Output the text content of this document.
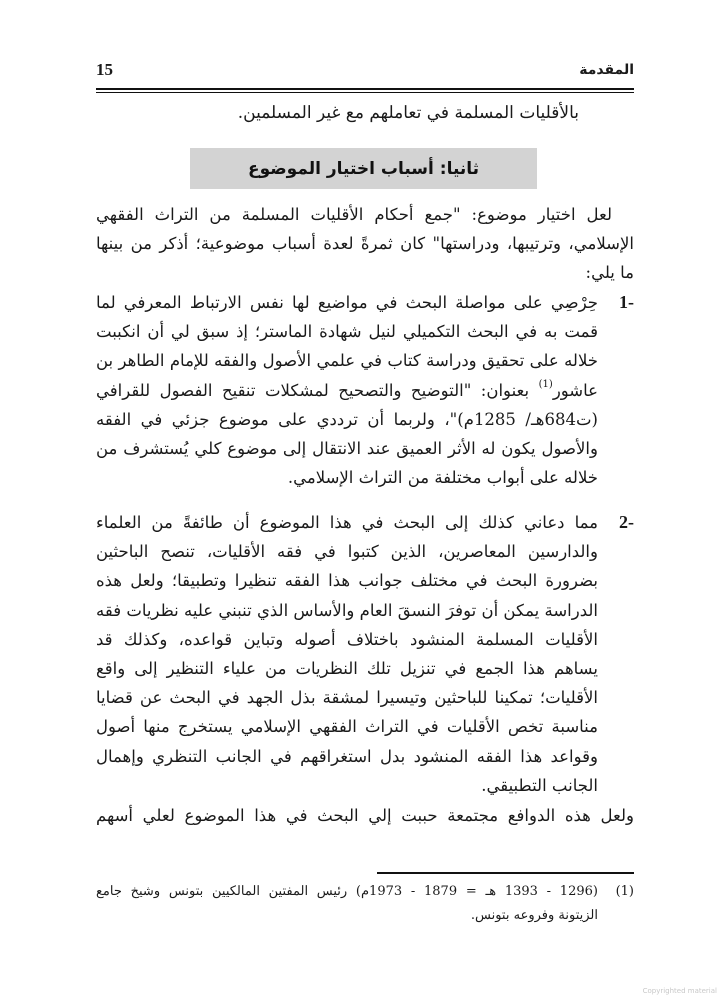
المقدمة
15
بالأقليات المسلمة في تعاملهم مع غير المسلمين.
ثانيا: أسباب اختيار الموضوع
لعل اختيار موضوع: "جمع أحكام الأقليات المسلمة من التراث الفقهي
الإسلامي، وترتيبها، ودراستها" كان ثمرةً لعدة أسباب موضوعية؛ أذكر من بينها
ما يلي:
1-
حِرْصِي على مواصلة البحث في مواضيع لها نفس الارتباط المعرفي لما
قمت به في البحث التكميلي لنيل شهادة الماستر؛ إذ سبق لي أن انكببت
خلاله على تحقيق ودراسة كتاب في علمي الأصول والفقه للإمام الطاهر بن
عاشور$^{(1)}$ بعنوان: "التوضيح والتصحيح لمشكلات تنقيح الفصول للقرافي
(ت684هـ/ 1285م)"، ولربما أن ترددي على موضوع جزئي في الفقه
والأصول يكون له الأثر العميق عند الانتقال إلى موضوع كلي يُستشرف من
خلاله على أبواب مختلفة من التراث الإسلامي.
2-
مما دعاني كذلك إلى البحث في هذا الموضوع أن طائفةً من العلماء
والدارسين المعاصرين، الذين كتبوا في فقه الأقليات، تنصح الباحثين
بضرورة البحث في مختلف جوانب هذا الفقه تنظيرا وتطبيقا؛ ولعل هذه
الدراسة يمكن أن توفرَ النسقَ العام والأساس الذي تنبني عليه نظريات فقه
الأقليات المسلمة المنشود باختلاف أصوله وتباين قواعده، وكذلك قد
يساهم هذا الجمع في تنزيل تلك النظريات من علياء التنظير إلى واقع
الأقليات؛ تمكينا للباحثين وتيسيرا لمشقة بذل الجهد في البحث عن قضايا
مناسبة تخص الأقليات في التراث الفقهي الإسلامي يستخرج منها أصول
وقواعد هذا الفقه المنشود بدل استغراقهم في الجانب التنظري وإهمال
الجانب التطبيقي.
ولعل هذه الدوافع مجتمعة حببت إلي البحث في هذا الموضوع لعلي أسهم
(1)
(1296 - 1393 هـ = 1879 - 1973م) رئيس المفتين المالكيين بتونس وشيخ جامع
الزيتونة وفروعه بتونس.
Copyrighted material
